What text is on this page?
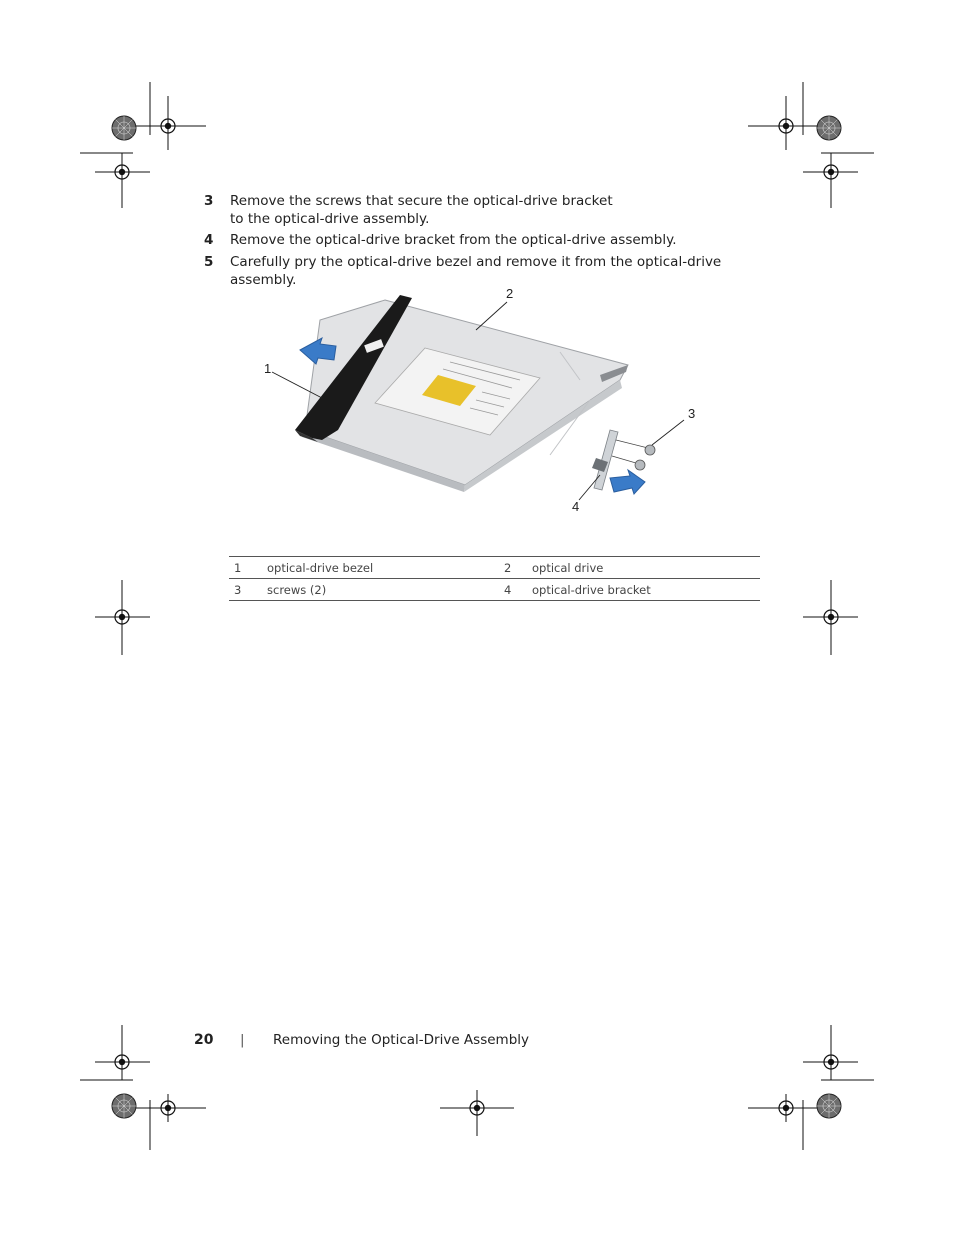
3 Remove the screws that secure the optical-drive bracket to the optical-drive assembly.
4 Remove the optical-drive bracket from the optical-drive assembly.
5 Carefully pry the optical-drive bezel and remove it from the optical-drive assembly.
1
2
3
4
1	optical-drive bezel	2	optical drive
3	screws (2)	4	optical-drive bracket
20 | Removing the Optical-Drive Assembly
